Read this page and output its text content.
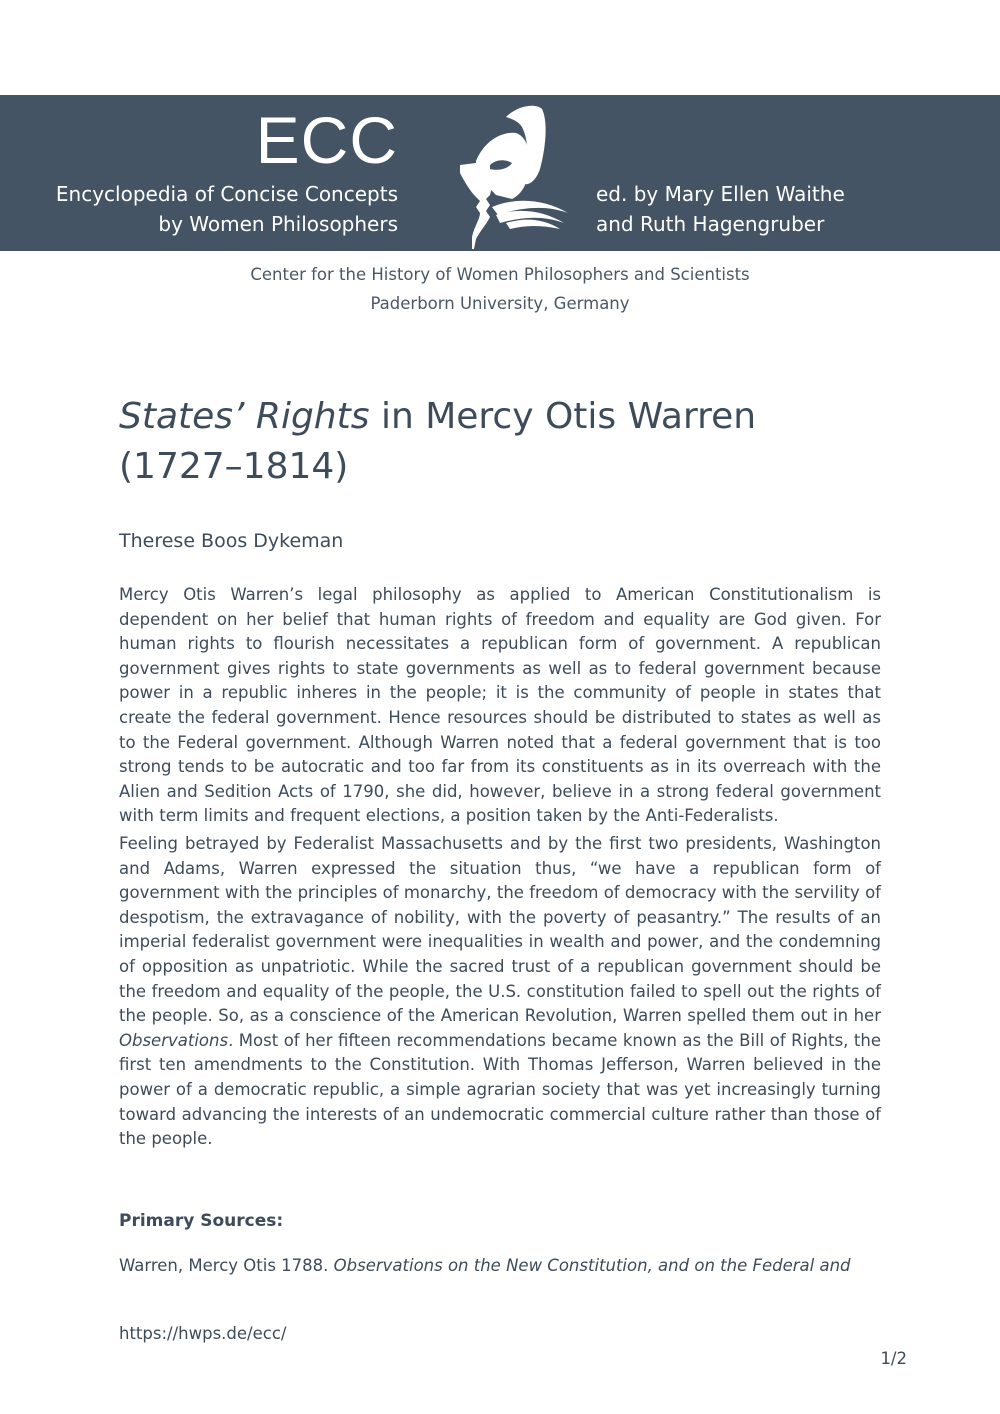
ECC
Encyclopedia of Concise Concepts
by Women Philosophers
ed. by Mary Ellen Waithe
and Ruth Hagengruber
Center for the History of Women Philosophers and Scientists
Paderborn University, Germany
States’ Rights in Mercy Otis Warren
(1727–1814)
Therese Boos Dykeman

Mercy Otis Warren’s legal philosophy as applied to American Constitutionalism is dependent on her belief that human rights of freedom and equality are God given. For human rights to flourish necessitates a republican form of government. A republican government gives rights to state governments as well as to federal government because power in a republic inheres in the people; it is the community of people in states that create the federal government. Hence resources should be distributed to states as well as to the Federal government. Although Warren noted that a federal government that is too strong tends to be autocratic and too far from its constituents as in its overreach with the Alien and Sedition Acts of 1790, she did, however, believe in a strong federal government with term limits and frequent elections, a position taken by the Anti-Federalists.

Feeling betrayed by Federalist Massachusetts and by the first two presidents, Washington and Adams, Warren expressed the situation thus, “we have a republican form of government with the principles of monarchy, the freedom of democracy with the servility of despotism, the extravagance of nobility, with the poverty of peasantry.” The results of an imperial federalist government were inequalities in wealth and power, and the condemning of opposition as unpatriotic. While the sacred trust of a republican government should be the freedom and equality of the people, the U.S. constitution failed to spell out the rights of the people. So, as a conscience of the American Revolution, Warren spelled them out in her Observations. Most of her fifteen recommendations became known as the Bill of Rights, the first ten amendments to the Constitution. With Thomas Jefferson, Warren believed in the power of a democratic republic, a simple agrarian society that was yet increasingly turning toward advancing the interests of an undemocratic commercial culture rather than those of the people.

Primary Sources:
Warren, Mercy Otis 1788. Observations on the New Constitution, and on the Federal and
https://hwps.de/ecc/
1/2
